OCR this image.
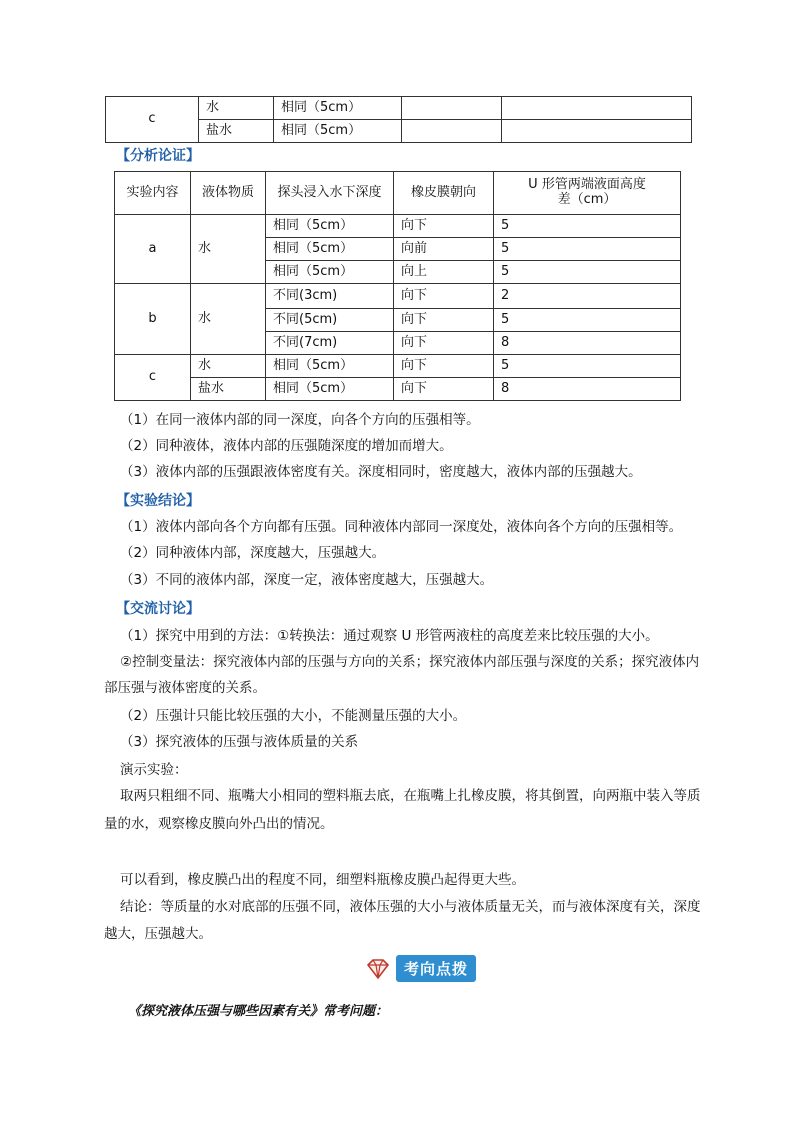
c	水	相同（5cm）		
	盐水	相同（5cm）		
【分析论证】
实验内容	液体物质	探头浸入水下深度	橡皮膜朝向	U 形管两端液面高度差（cm）
a	水	相同（5cm）	向下	5
		相同（5cm）	向前	5
		相同（5cm）	向上	5
b	水	不同(3cm)	向下	2
		不同(5cm)	向下	5
		不同(7cm)	向下	8
c	水	相同（5cm）	向下	5
	盐水	相同（5cm）	向下	8
（1）在同一液体内部的同一深度，向各个方向的压强相等。
（2）同种液体，液体内部的压强随深度的增加而增大。
（3）液体内部的压强跟液体密度有关。深度相同时，密度越大，液体内部的压强越大。
【实验结论】
（1）液体内部向各个方向都有压强。同种液体内部同一深度处，液体向各个方向的压强相等。
（2）同种液体内部，深度越大，压强越大。
（3）不同的液体内部，深度一定，液体密度越大，压强越大。
【交流讨论】
（1）探究中用到的方法：①转换法：通过观察 U 形管两液柱的高度差来比较压强的大小。
②控制变量法：探究液体内部的压强与方向的关系；探究液体内部压强与深度的关系；探究液体内
部压强与液体密度的关系。
（2）压强计只能比较压强的大小，不能测量压强的大小。
（3）探究液体的压强与液体质量的关系
演示实验：
取两只粗细不同、瓶嘴大小相同的塑料瓶去底，在瓶嘴上扎橡皮膜，将其倒置，向两瓶中装入等质
量的水，观察橡皮膜向外凸出的情况。
可以看到，橡皮膜凸出的程度不同，细塑料瓶橡皮膜凸起得更大些。
结论：等质量的水对底部的压强不同，液体压强的大小与液体质量无关，而与液体深度有关，深度
越大，压强越大。
考向点拨
《探究液体压强与哪些因素有关》常考问题：
